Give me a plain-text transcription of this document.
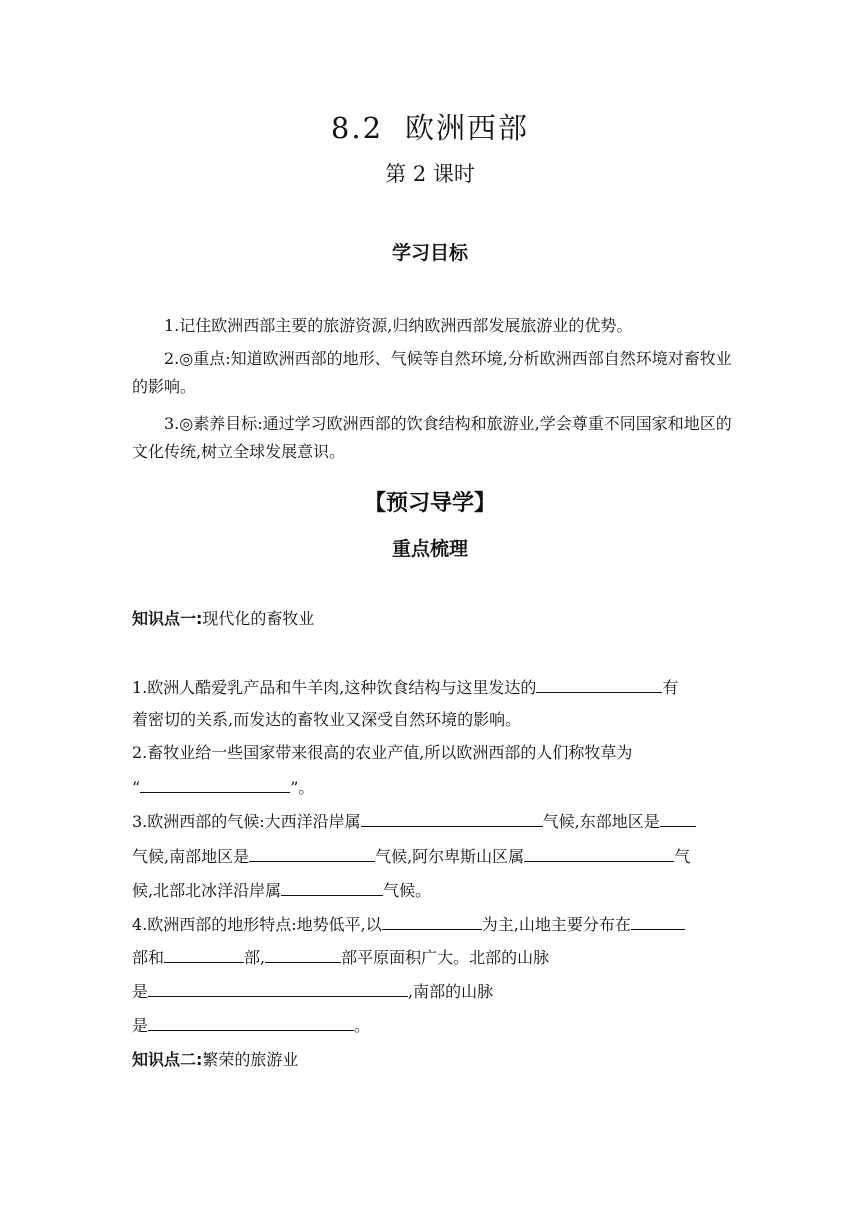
8.2 欧洲西部
第 2 课时
学习目标
1.记住欧洲西部主要的旅游资源,归纳欧洲西部发展旅游业的优势。
2.◎重点:知道欧洲西部的地形、气候等自然环境,分析欧洲西部自然环境对畜牧业的影响。
3.◎素养目标:通过学习欧洲西部的饮食结构和旅游业,学会尊重不同国家和地区的文化传统,树立全球发展意识。
【预习导学】
重点梳理
知识点一:现代化的畜牧业
1.欧洲人酷爱乳产品和牛羊肉,这种饮食结构与这里发达的	有
着密切的关系,而发达的畜牧业又深受自然环境的影响。
2.畜牧业给一些国家带来很高的农业产值,所以欧洲西部的人们称牧草为
“	”。
3.欧洲西部的气候:大西洋沿岸属	气候,东部地区是
气候,南部地区是	气候,阿尔卑斯山区属	气
候,北部北冰洋沿岸属	气候。
4.欧洲西部的地形特点:地势低平,以	为主,山地主要分布在
部和	部,	部平原面积广大。北部的山脉
是	,南部的山脉
是	。
知识点二:繁荣的旅游业
